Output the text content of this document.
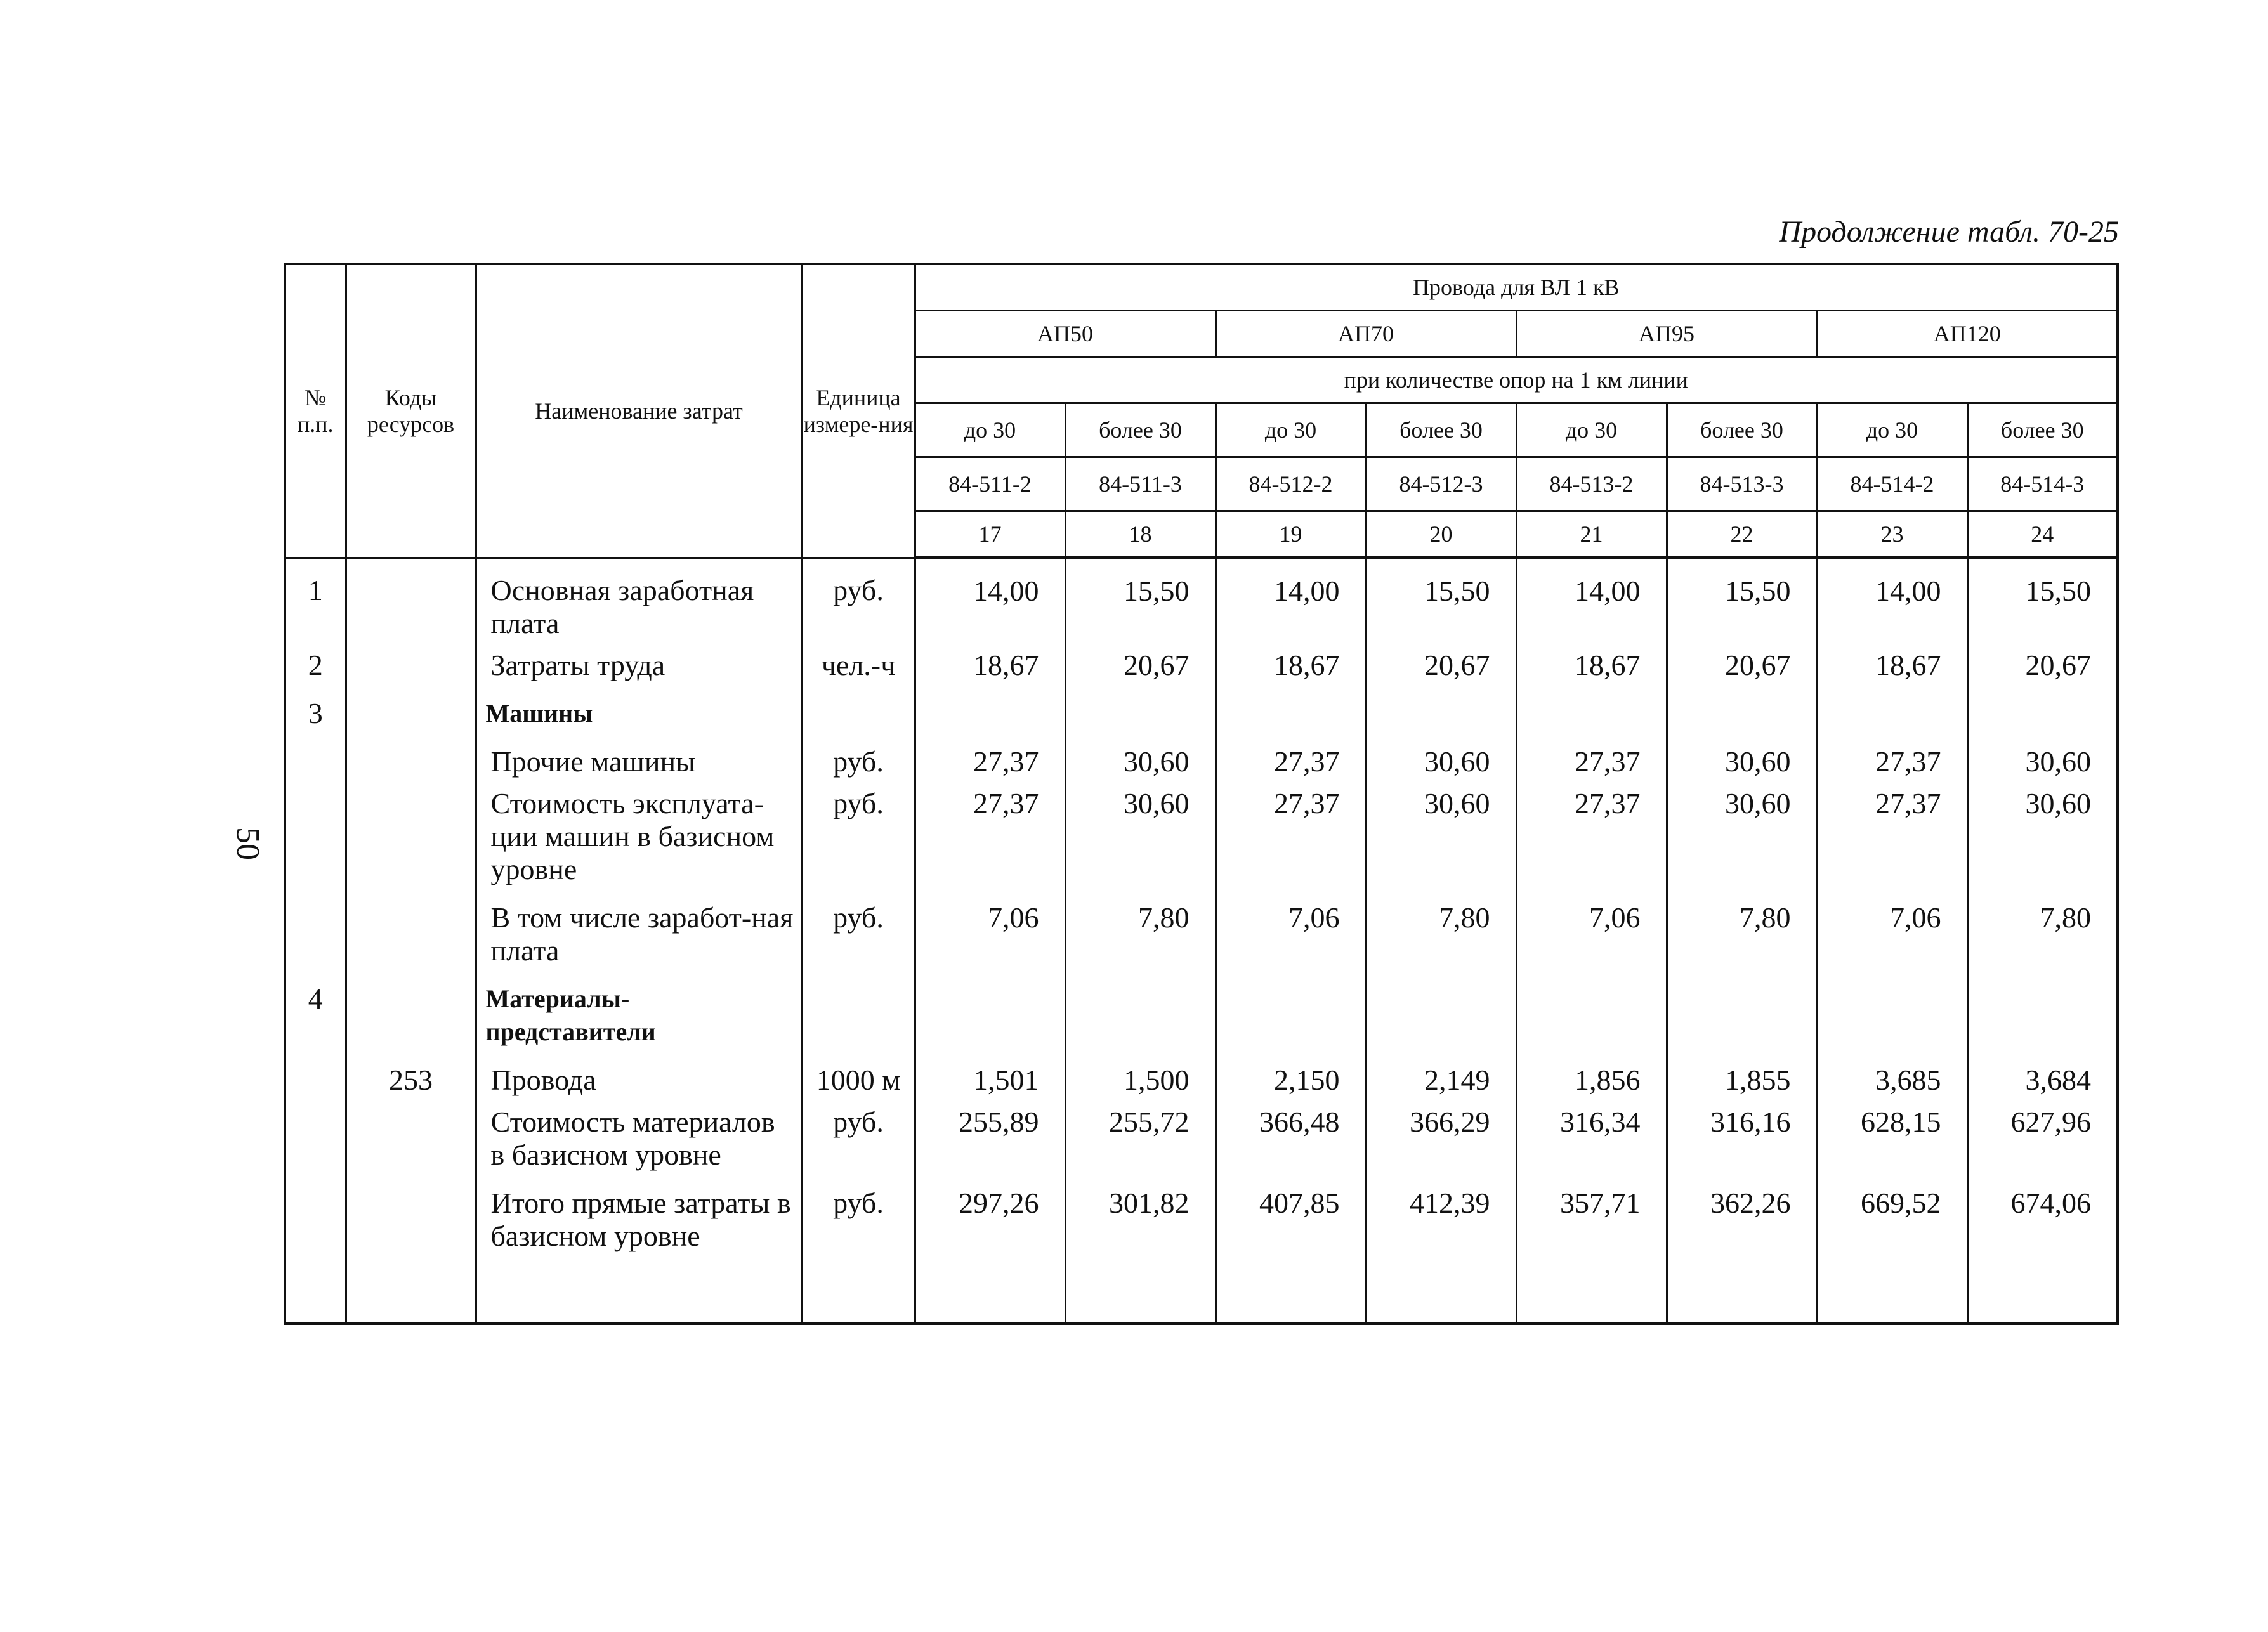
Продолжение табл. 70-25
50
№ п.п.	Коды ресурсов	Наименование затрат	Единица измере-ния	Провода для ВЛ 1 кВ							
				АП50		АП70		АП95		АП120	
				при количестве опор на 1 км линии							
				до 30	более 30	до 30	более 30	до 30	более 30	до 30	более 30
				84-511-2	84-511-3	84-512-2	84-512-3	84-513-2	84-513-3	84-514-2	84-514-3
				17	18	19	20	21	22	23	24
1		Основная заработная плата	руб.	14,00	15,50	14,00	15,50	14,00	15,50	14,00	15,50
2		Затраты труда	чел.-ч	18,67	20,67	18,67	20,67	18,67	20,67	18,67	20,67
3		Машины									
		Прочие машины	руб.	27,37	30,60	27,37	30,60	27,37	30,60	27,37	30,60
		Стоимость эксплуата-ции машин в базисном уровне	руб.	27,37	30,60	27,37	30,60	27,37	30,60	27,37	30,60
		В том числе заработ-ная плата	руб.	7,06	7,80	7,06	7,80	7,06	7,80	7,06	7,80
4		Материалы-представители									
	253	Провода	1000 м	1,501	1,500	2,150	2,149	1,856	1,855	3,685	3,684
		Стоимость материалов в базисном уровне	руб.	255,89	255,72	366,48	366,29	316,34	316,16	628,15	627,96
		Итого прямые затраты в базисном уровне	руб.	297,26	301,82	407,85	412,39	357,71	362,26	669,52	674,06
